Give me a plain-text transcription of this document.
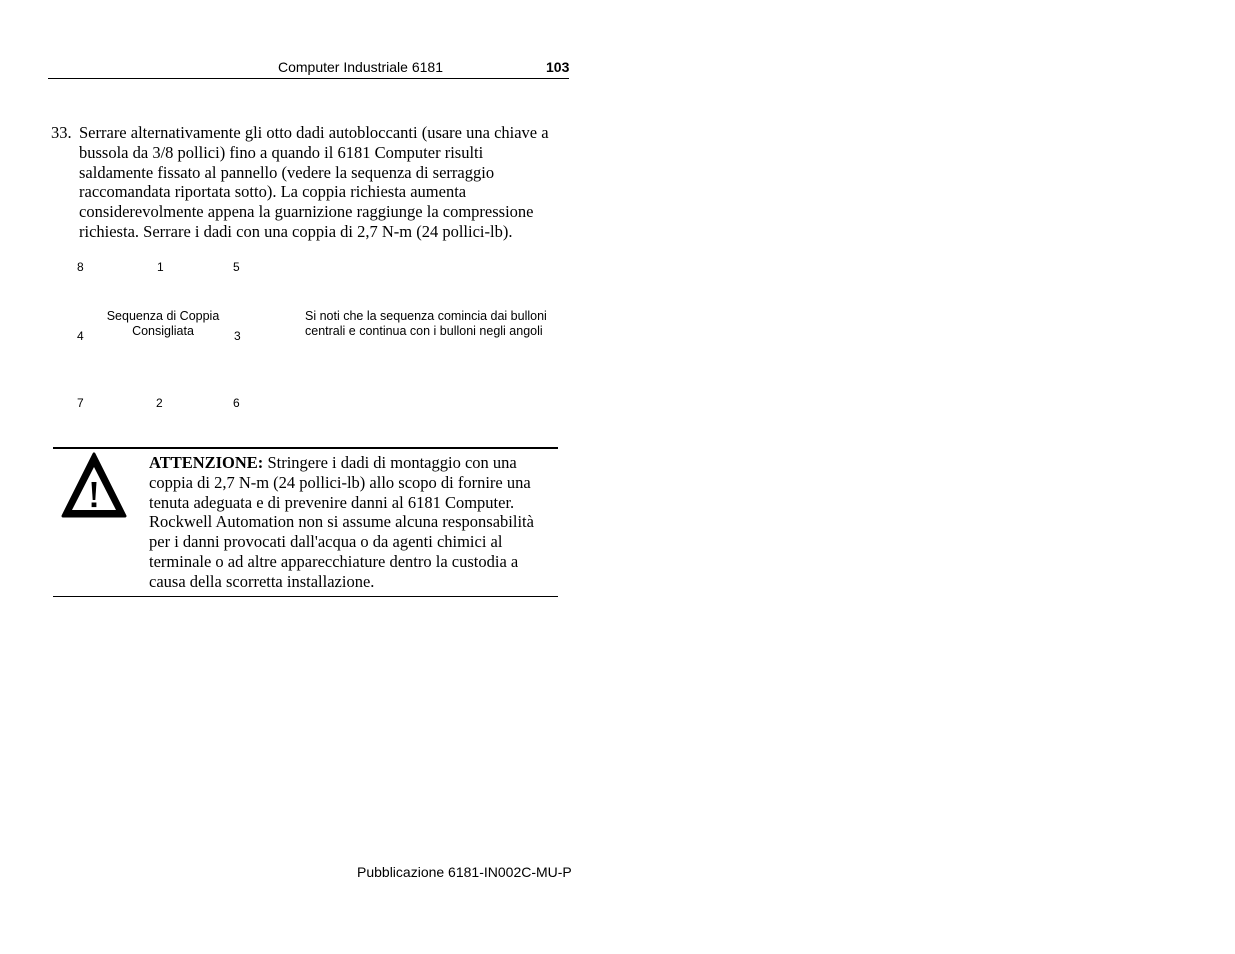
Computer Industriale 6181	103
33. Serrare alternativamente gli otto dadi autobloccanti (usare una chiave a
bussola da 3/8 pollici) fino a quando il 6181 Computer risulti
saldamente fissato al pannello (vedere la sequenza di serraggio
raccomandata riportata sotto). La coppia richiesta aumenta
considerevolmente appena la guarnizione raggiunge la compressione
richiesta. Serrare i dadi con una coppia di 2,7 N-m (24 pollici-lb).
8	1	5
4	3
7	2	6
Sequenza di Coppia
Consigliata
Si noti che la sequenza comincia dai bulloni
centrali e continua con i bulloni negli angoli
ATTENZIONE: Stringere i dadi di montaggio con una
coppia di 2,7 N-m (24 pollici-lb) allo scopo di fornire una
tenuta adeguata e di prevenire danni al 6181 Computer.
Rockwell Automation non si assume alcuna responsabilità
per i danni provocati dall'acqua o da agenti chimici al
terminale o ad altre apparecchiature dentro la custodia a
causa della scorretta installazione.
Pubblicazione 6181-IN002C-MU-P
